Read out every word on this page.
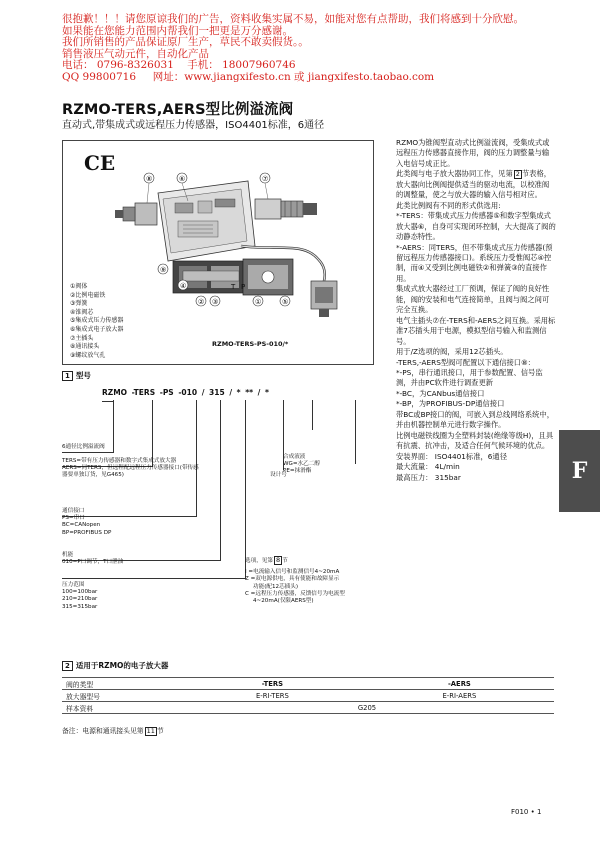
很抱歉！！！请您原谅我们的广告，资料收集实属不易，如能对您有点帮助，我们将感到十分欣慰。
如果能在您能力范围内帮我们一把更是万分感谢。
我们所销售的产品保证原厂生产，草民不敢卖假货。。
销售液压气动元件，自动化产品
电话： 0796-8326031 手机： 18007960746
QQ 99800716 网址：www.jiangxifesto.cn 或 jiangxifesto.taobao.com
RZMO-TERS,AERS型比例溢流阀
直动式,带集成式或远程压力传感器，ISO4401标准，6通径
CE
⑧	⑥	⑦
④
⑨
② ③	①	⑤
T P
①阀体
②比例电磁铁
③弹簧
④锥阀芯
⑤集成式压力传感器
⑥集成式电子放大器
⑦主插头
⑧通讯接头
⑨螺纹放气孔
RZMO-TERS-PS-010/*

RZMO为锥阀型直动式比例溢流阀，受集成式或远程压力传感器直接作用，阀的压力调整量与输入电信号成正比。

此类阀与电子放大器协同工作，见第 2 节表格，放大器向比例阀提供适当的驱动电流，以校准阀的调整量，使之与放大器的输入信号相对应。

此类比例阀有不同的形式供选用:

*-TERS：带集成式压力传感器⑤和数字型集成式放大器⑥，自身可实现闭环控制，大大提高了阀的动静态特性。

*-AERS：同TERS，但不带集成式压力传感器(预留远程压力传感器接口)。系统压力受惟阀芯④控制，而④又受到比例电磁铁②和弹簧③的直接作用。

集成式放大器经过工厂预调，保证了阀的良好性能，阀的安装和电气连接简单，且阀与阀之间可完全互换。

电气主插头⑦在-TERS和-AERS之间互换。采用标准7芯插头用于电源，模拟型信号输入和监测信号。

用于/Z选项的阀，采用12芯插头。

-TERS,-AERS型阀可配置以下通信接口⑧：

*-PS，串行通讯接口，用于参数配置、信号监测，并由PC软件进行调查更新

*-BC，为CANbus通信接口

*-BP，为PROFIBUS-DP通信接口

带BC或BP接口的阀，可嵌入到总线网络系统中，并由机器控制单元进行数字操作。

比例电磁铁线圈为全塑料封装(绝缘等级H)，且具有抗震、抗冲击，及适合任何气候环境的优点。

安装界面： ISO4401标准，6通径

最大流量： 4L/min

最高压力： 315bar

1 型号
RZMO -TERS -PS -010 / 315 / * ** / *
6通径比例溢流阀
TERS=带有压力传感器和数字式集成式放大器
AERS=同TERS，但远程配远程压力传感器接口(带传感器要单独订货，见G465)
通信接口
PS=串口
BC=CANopen
BP=PROFIBUS DP
机能
010=P口调节，T口泄油
压力范围
100=100bar
210=210bar
315=315bar
合成液液
WG=水乙二醇
PE=抹滑酯
设计号
选项，见第 8 节
I =电流输入信号和监测信号4~20mA
Z =双电源供电，具有使能和故障显示
功能(配12芯插头)
C =远程压力传感器，反馈信号为电流型
4~20mA(仅限AERS型)
2 适用于RZMO的电子放大器
阀的类型	-TERS	-AERS
放大器型号	E-RI-TERS	E-RI-AERS
样本资料	G205	
备注：电源和通讯接头见第 11 节
F
F010 • 1
